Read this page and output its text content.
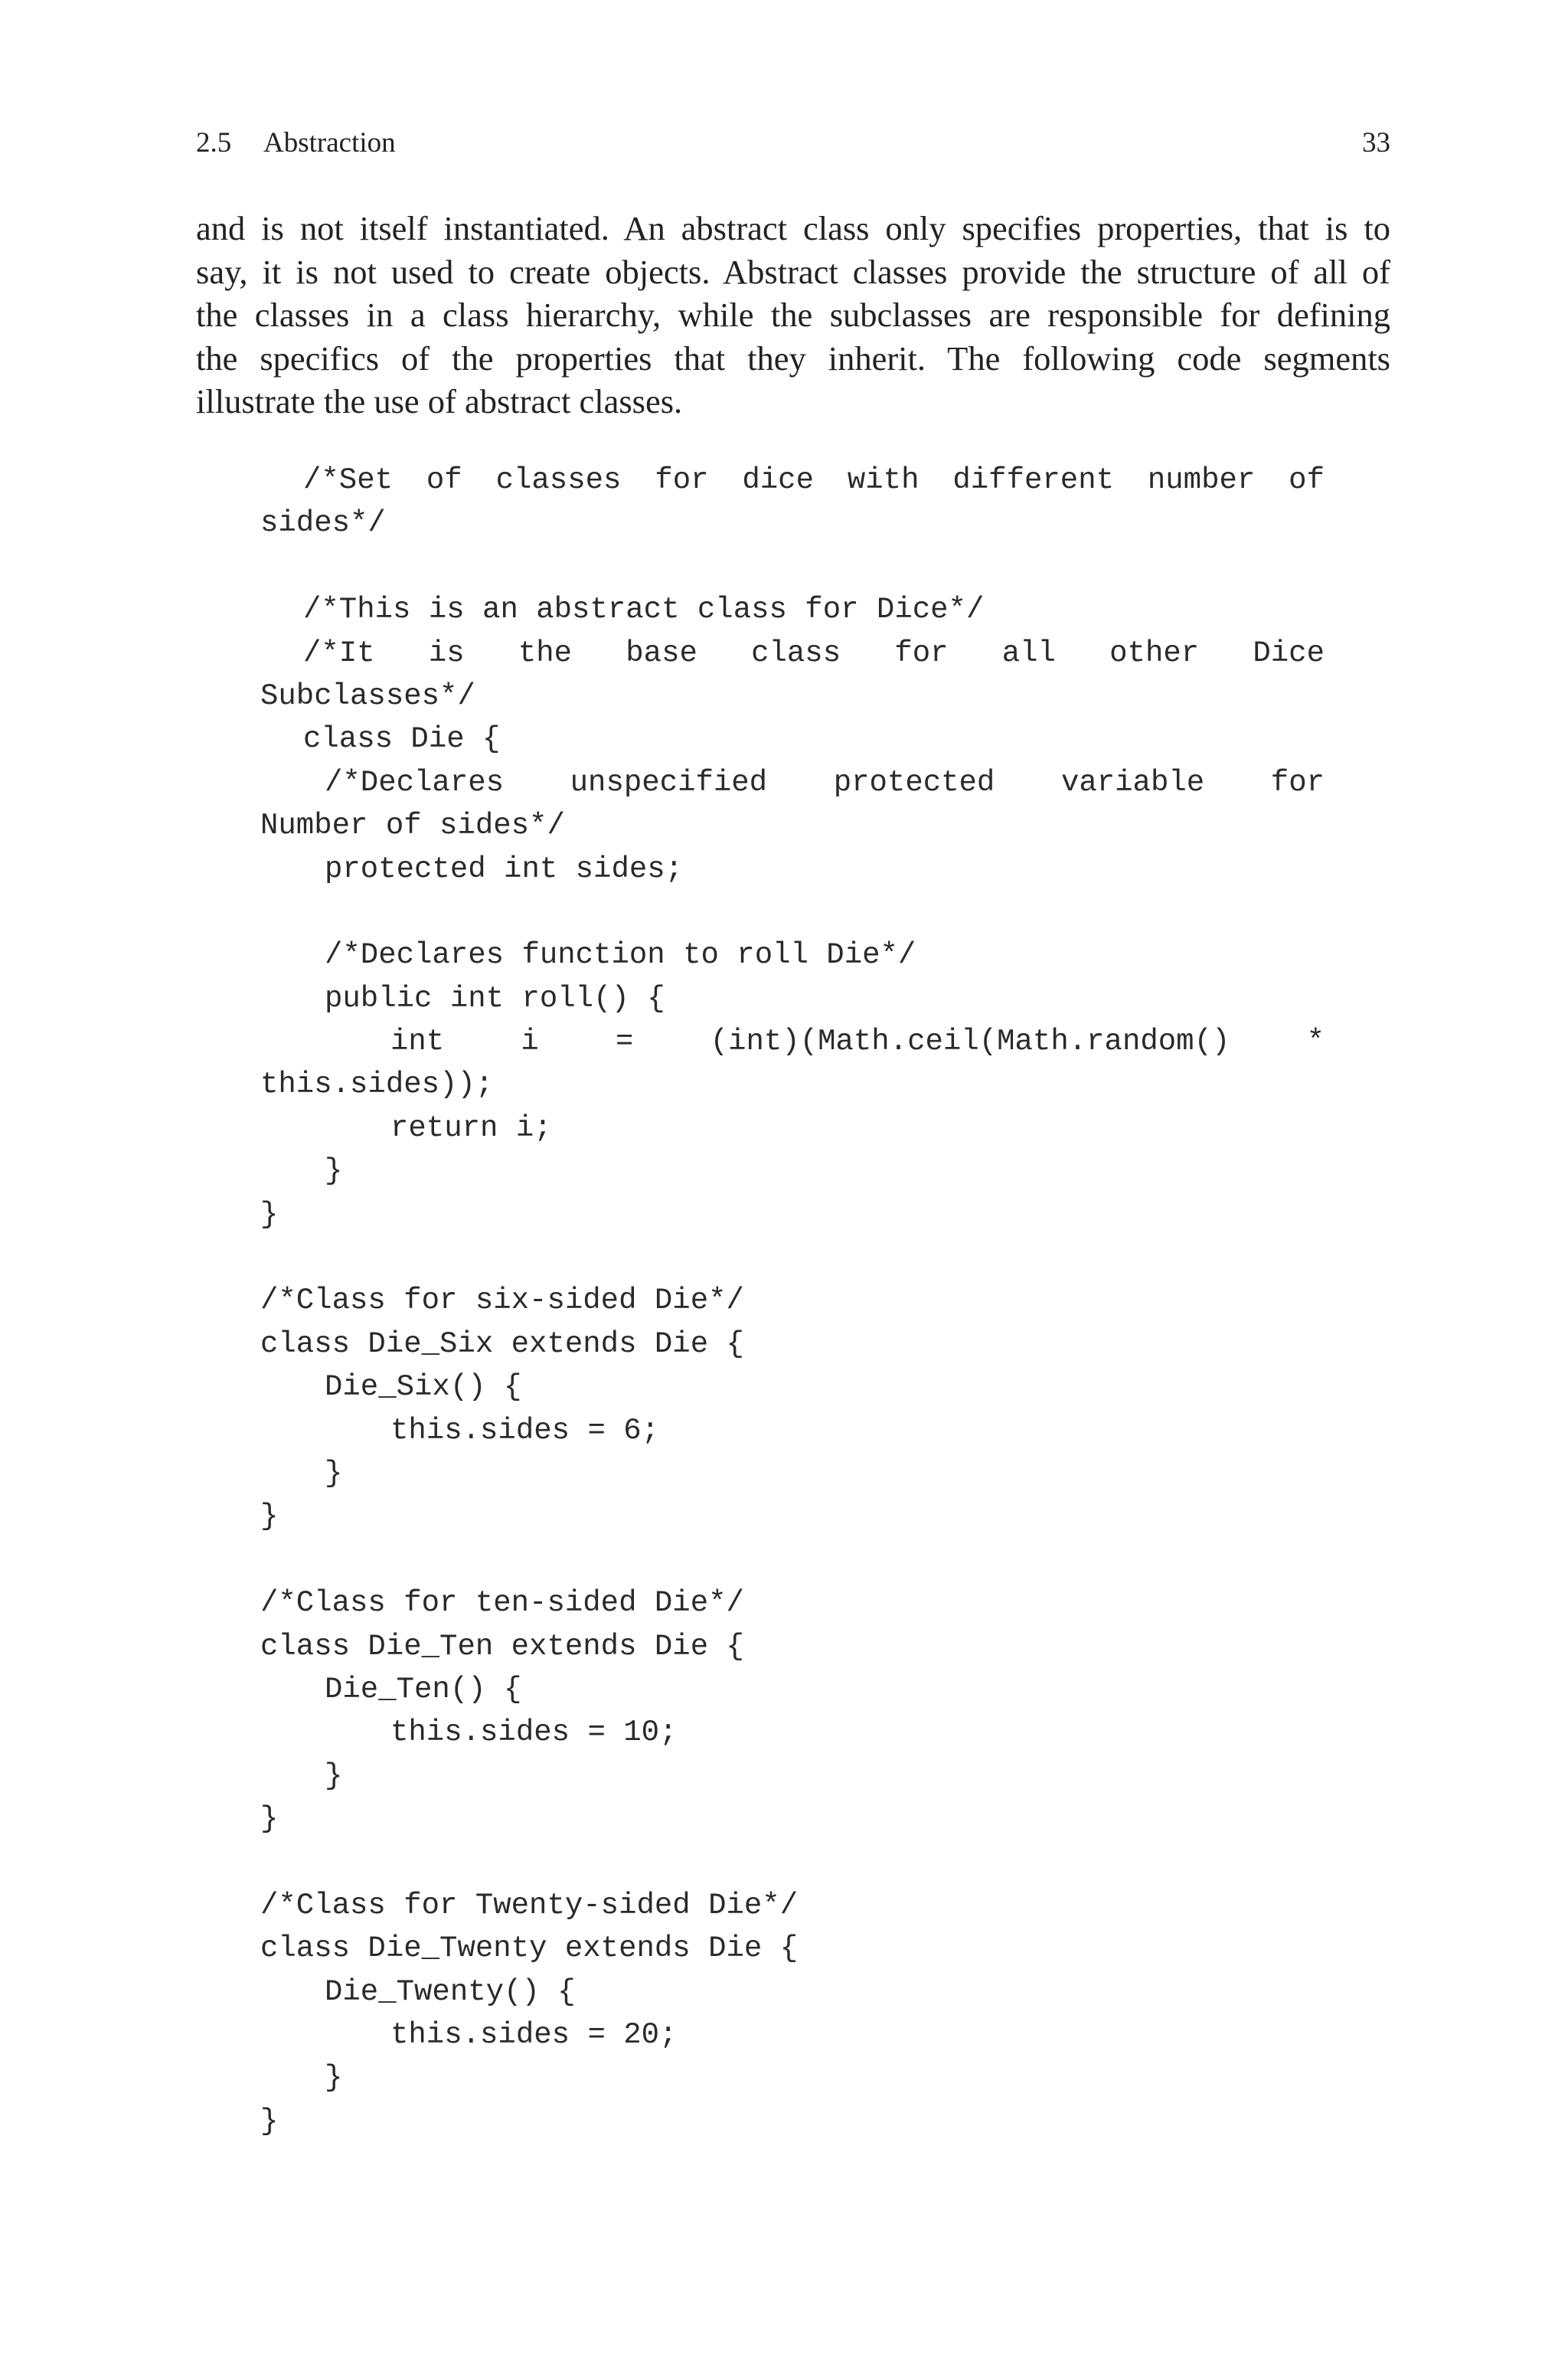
2.5 Abstraction	33
and is not itself instantiated. An abstract class only specifies properties, that is to
say, it is not used to create objects. Abstract classes provide the structure of all of
the classes in a class hierarchy, while the subclasses are responsible for defining
the specifics of the properties that they inherit. The following code segments
illustrate the use of abstract classes.
/*Set of classes for dice with different number of
sides*/
/*This is an abstract class for Dice*/
/*It is the base class for all other Dice
Subclasses*/
class Die {
/*Declares unspecified protected variable for
Number of sides*/
protected int sides;
/*Declares function to roll Die*/
public int roll() {
int i = (int)(Math.ceil(Math.random() *
this.sides));
return i;
}
}
/*Class for six-sided Die*/
class Die_Six extends Die {
Die_Six() {
this.sides = 6;
}
}
/*Class for ten-sided Die*/
class Die_Ten extends Die {
Die_Ten() {
this.sides = 10;
}
}
/*Class for Twenty-sided Die*/
class Die_Twenty extends Die {
Die_Twenty() {
this.sides = 20;
}
}
